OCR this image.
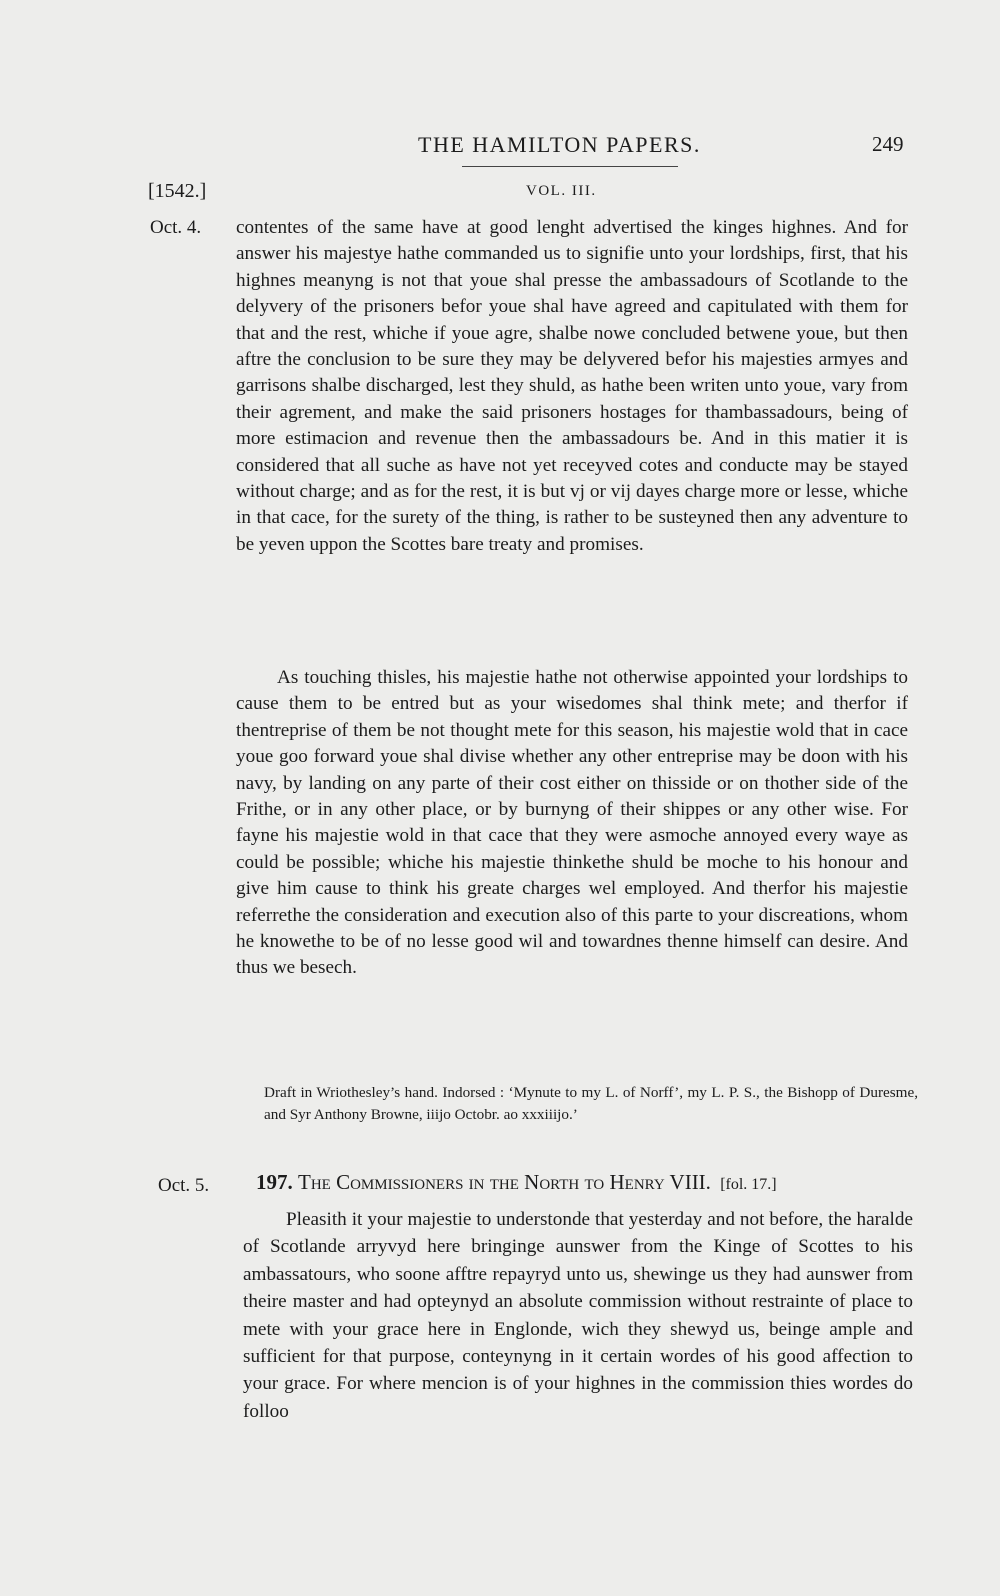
THE HAMILTON PAPERS.	249
[1542.]	VOL. III.
Oct. 4. contentes of the same have at good lenght advertised the kinges highnes. And for answer his majestye hathe commanded us to signifie unto your lordships, first, that his highnes meanyng is not that youe shal presse the ambassadours of Scotlande to the delyvery of the prisoners befor youe shal have agreed and capitulated with them for that and the rest, whiche if youe agre, shalbe nowe concluded betwene youe, but then aftre the conclusion to be sure they may be delyvered befor his majesties armyes and garrisons shalbe discharged, lest they shuld, as hathe been writen unto youe, vary from their agrement, and make the said prisoners hostages for thambassadours, being of more estimacion and revenue then the ambassadours be. And in this matier it is considered that all suche as have not yet receyved cotes and conducte may be stayed without charge; and as for the rest, it is but vj or vij dayes charge more or lesse, whiche in that cace, for the surety of the thing, is rather to be susteyned then any adventure to be yeven uppon the Scottes bare treaty and promises.

As touching thisles, his majestie hathe not otherwise appointed your lordships to cause them to be entred but as your wisedomes shal think mete; and therfor if thentreprise of them be not thought mete for this season, his majestie wold that in cace youe goo forward youe shal divise whether any other entreprise may be doon with his navy, by landing on any parte of their cost either on thisside or on thother side of the Frithe, or in any other place, or by burnyng of their shippes or any other wise. For fayne his majestie wold in that cace that they were asmoche annoyed every waye as could be possible; whiche his majestie thinkethe shuld be moche to his honour and give him cause to think his greate charges wel employed. And therfor his majestie referrethe the consideration and execution also of this parte to your discreations, whom he knowethe to be of no lesse good wil and towardnes thenne himself can desire. And thus we besech.

Draft in Wriothesley’s hand. Indorsed : ‘Mynute to my L. of Norff’, my L. P. S., the Bishopp of Duresme, and Syr Anthony Browne, iiijo Octobr. ao xxxiiijo.’

Oct. 5. 197. The Commissioners in the North to Henry VIII. [fol. 17.]

Pleasith it your majestie to understonde that yesterday and not before, the haralde of Scotlande arryvyd here bringinge aunswer from the Kinge of Scottes to his ambassatours, who soone afftre repayryd unto us, shewinge us they had aunswer from theire master and had opteynyd an absolute commission without restrainte of place to mete with your grace here in Englonde, wich they shewyd us, beinge ample and sufficient for that purpose, conteynyng in it certain wordes of his good affection to your grace. For where mencion is of your highnes in the commission thies wordes do folloo
